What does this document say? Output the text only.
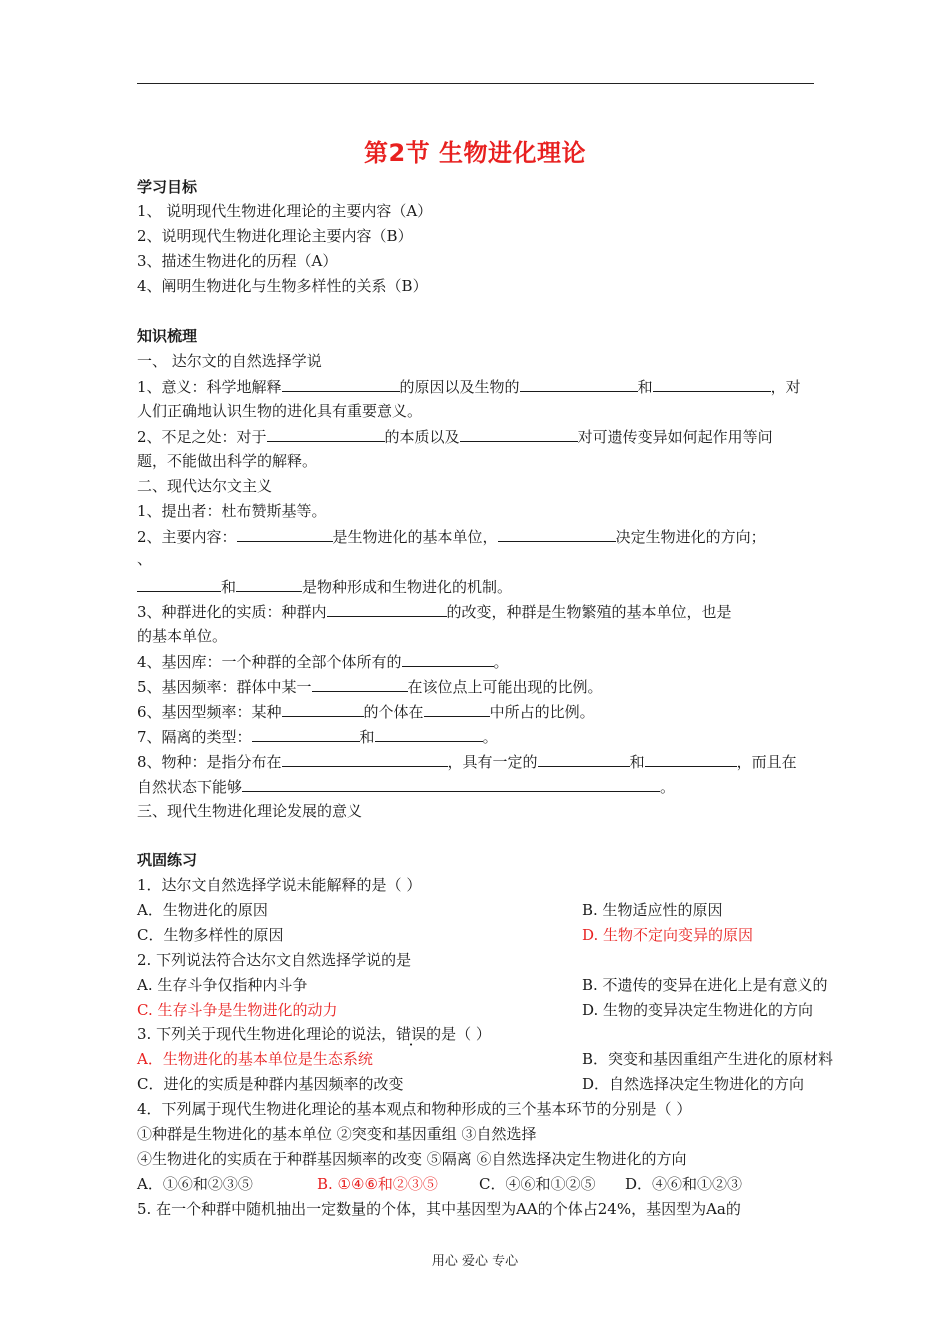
第2节 生物进化理论
学习目标
1、 说明现代生物进化理论的主要内容（A）
2、说明现代生物进化理论主要内容（B）
3、描述生物进化的历程（A）
4、阐明生物进化与生物多样性的关系（B）
知识梳理
一、 达尔文的自然选择学说
1、意义：科学地解释	的原因以及生物的	和	，对
人们正确地认识生物的进化具有重要意义。
2、不足之处：对于	的本质以及	对可遗传变异如何起作用等问
题，不能做出科学的解释。
二、现代达尔文主义
1、提出者：杜布赞斯基等。
2、主要内容：	是生物进化的基本单位，	决定生物进化的方向；
、
和	是物种形成和生物进化的机制。
3、种群进化的实质：种群内	的改变，种群是生物繁殖的基本单位，也是
的基本单位。
4、基因库：一个种群的全部个体所有的	。
5、基因频率：群体中某一	在该位点上可能出现的比例。
6、基因型频率：某种	的个体在	中所占的比例。
7、隔离的类型：	和	。
8、物种：是指分布在	，具有一定的	和	，而且在
自然状态下能够	。
三、现代生物进化理论发展的意义
巩固练习
1．达尔文自然选择学说未能解释的是（ ）
A．生物进化的原因	B. 生物适应性的原因
C．生物多样性的原因	D. 生物不定向变异的原因
2. 下列说法符合达尔文自然选择学说的是
A. 生存斗争仅指种内斗争	B. 不遗传的变异在进化上是有意义的
C. 生存斗争是生物进化的动力	D. 生物的变异决定生物进化的方向
3. 下列关于现代生物进化理论的说法，错误的是（ ）
A．生物进化的基本单位是生态系统	B．突变和基因重组产生进化的原材料
C．进化的实质是种群内基因频率的改变	D．自然选择决定生物进化的方向
4．下列属于现代生物进化理论的基本观点和物种形成的三个基本环节的分别是（ ）
①种群是生物进化的基本单位 ②突变和基因重组 ③自然选择
④生物进化的实质在于种群基因频率的改变 ⑤隔离 ⑥自然选择决定生物进化的方向
A．①⑥和②③⑤	B. ①④⑥和②③⑤	C．④⑥和①②⑤ D．④⑥和①②③
5. 在一个种群中随机抽出一定数量的个体，其中基因型为AA的个体占24%，基因型为Aa的
用心 爱心 专心
